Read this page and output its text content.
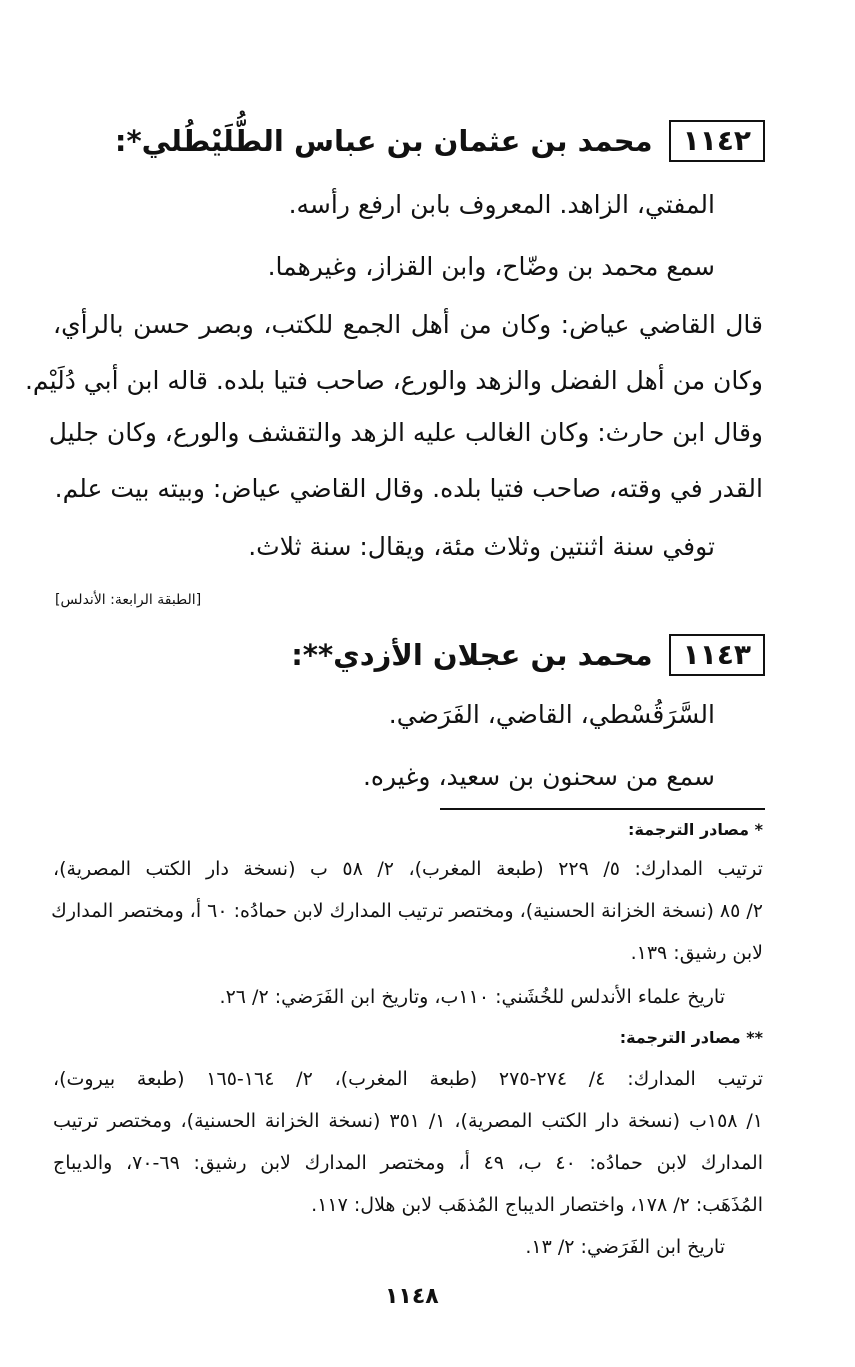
١١٤٢
محمد بن عثمان بن عباس الطُّلَيْطُلي*:
المفتي، الزاهد. المعروف بابن ارفع رأسه.
سمع محمد بن وضّاح، وابن القزاز، وغيرهما.
قال القاضي عياض: وكان من أهل الجمع للكتب، وبصر حسن بالرأي،
وكان من أهل الفضل والزهد والورع، صاحب فتيا بلده. قاله ابن أبي دُلَيْم.
وقال ابن حارث: وكان الغالب عليه الزهد والتقشف والورع، وكان جليل
القدر في وقته، صاحب فتيا بلده. وقال القاضي عياض: وبيته بيت علم.
توفي سنة اثنتين وثلاث مئة، ويقال: سنة ثلاث.
[الطبقة الرابعة: الأندلس]
١١٤٣
محمد بن عجلان الأزدي**:
السَّرَقُسْطي، القاضي، الفَرَضي.
سمع من سحنون بن سعيد، وغيره.
* مصادر الترجمة:
ترتيب المدارك: ٥/ ٢٢٩ (طبعة المغرب)، ٢/ ٥٨ ب (نسخة دار الكتب المصرية)،
٢/ ٨٥ (نسخة الخزانة الحسنية)، ومختصر ترتيب المدارك لابن حمادُه: ٦٠ أ، ومختصر المدارك
لابن رشيق: ١٣٩.
تاريخ علماء الأندلس للخُشَني: ١١٠ب، وتاريخ ابن الفَرَضي: ٢/ ٢٦.
** مصادر الترجمة:
ترتيب المدارك: ٤/ ٢٧٤-٢٧٥ (طبعة المغرب)، ٢/ ١٦٤-١٦٥ (طبعة بيروت)،
١/ ١٥٨ب (نسخة دار الكتب المصرية)، ١/ ٣٥١ (نسخة الخزانة الحسنية)، ومختصر ترتيب
المدارك لابن حمادُه: ٤٠ ب، ٤٩ أ، ومختصر المدارك لابن رشيق: ٦٩-٧٠، والديباج
المُذَهَب: ٢/ ١٧٨، واختصار الديباج المُذهَب لابن هلال: ١١٧.
تاريخ ابن الفَرَضي: ٢/ ١٣.
١١٤٨
